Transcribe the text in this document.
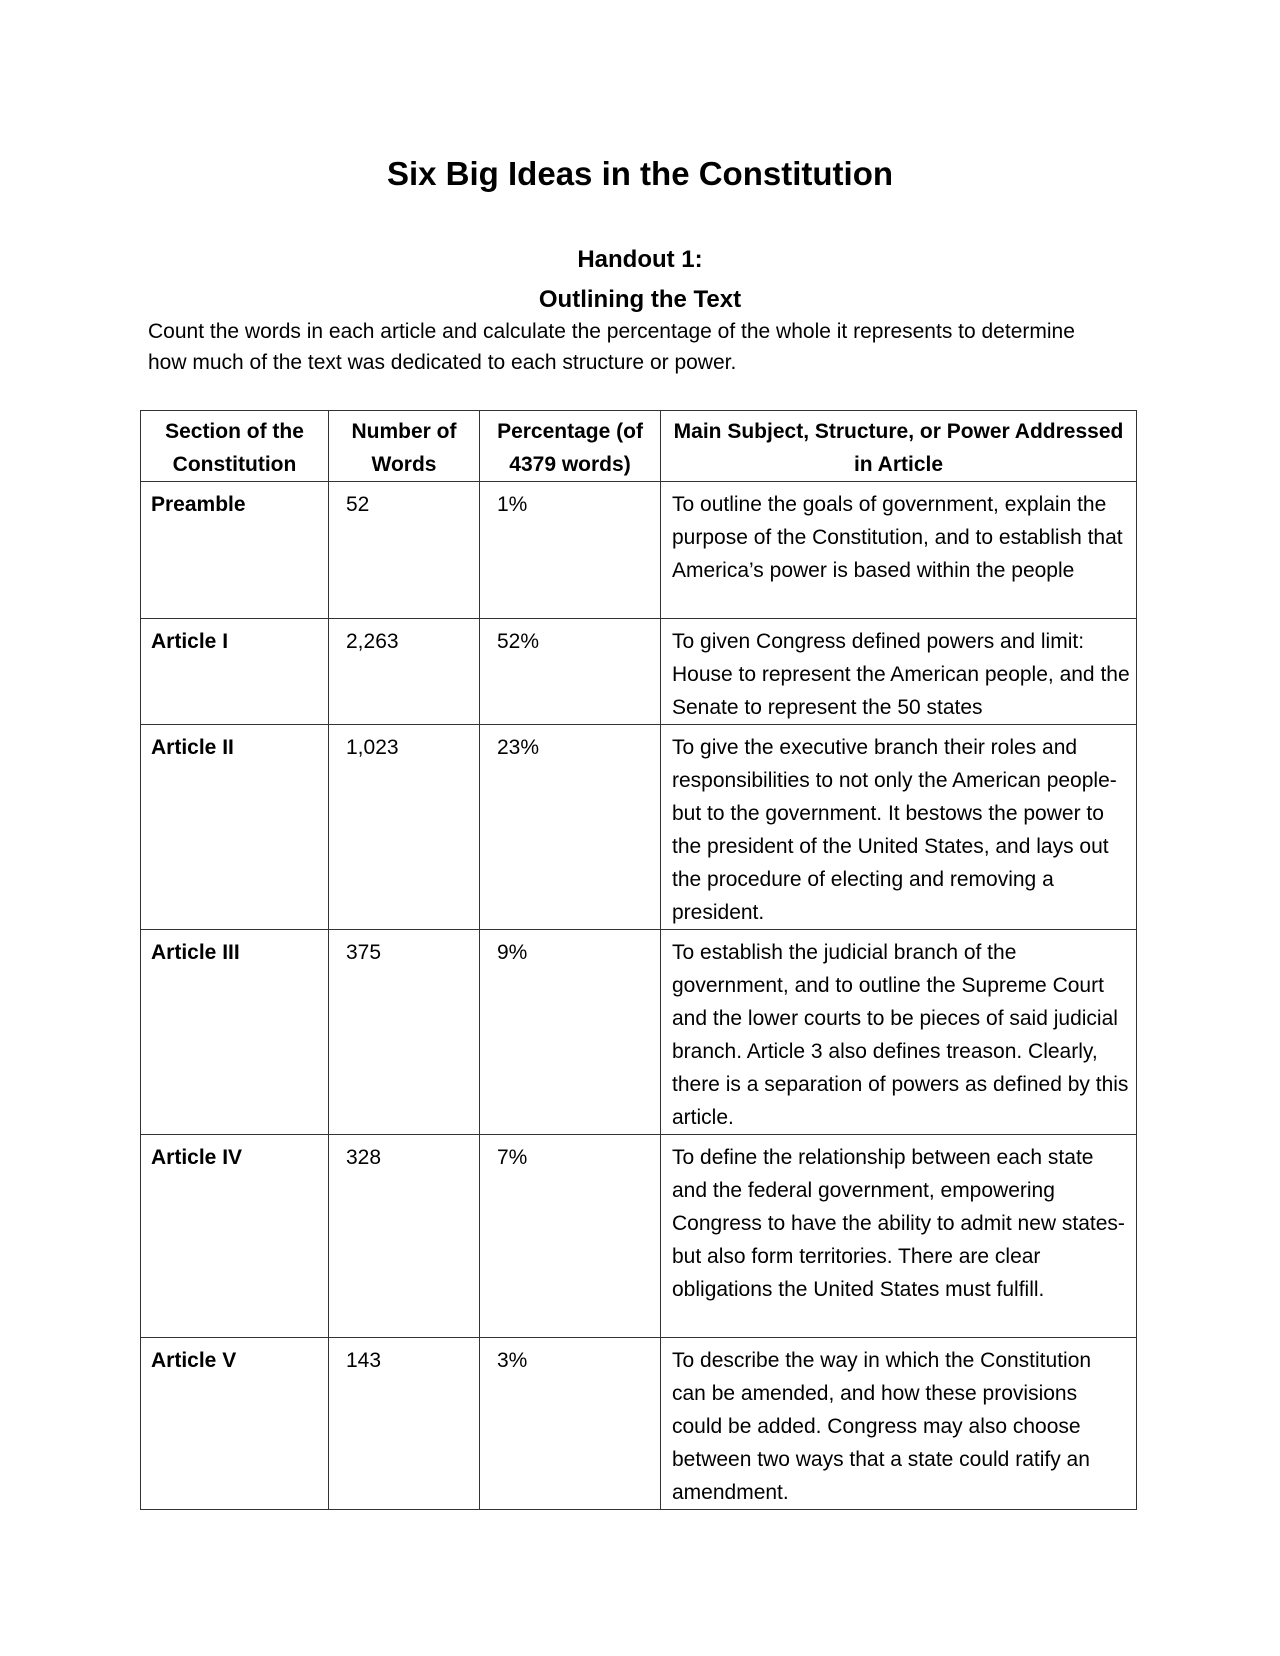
Six Big Ideas in the Constitution
Handout 1:
Outlining the Text
Count the words in each article and calculate the percentage of the whole it represents to determine how much of the text was dedicated to each structure or power.
Section of the Constitution	Number of Words	Percentage (of 4379 words)	Main Subject, Structure, or Power Addressed in Article
Preamble	52	1%	To outline the goals of government, explain the purpose of the Constitution, and to establish that America’s power is based within the people
Article I	2,263	52%	To given Congress defined powers and limit: House to represent the American people, and the Senate to represent the 50 states
Article II	1,023	23%	To give the executive branch their roles and responsibilities to not only the American people- but to the government. It bestows the power to the president of the United States, and lays out the procedure of electing and removing a president.
Article III	375	9%	To establish the judicial branch of the government, and to outline the Supreme Court and the lower courts to be pieces of said judicial branch. Article 3 also defines treason. Clearly, there is a separation of powers as defined by this article.
Article IV	328	7%	To define the relationship between each state and the federal government, empowering Congress to have the ability to admit new states- but also form territories. There are clear obligations the United States must fulfill.
Article V	143	3%	To describe the way in which the Constitution can be amended, and how these provisions could be added. Congress may also choose between two ways that a state could ratify an amendment.
